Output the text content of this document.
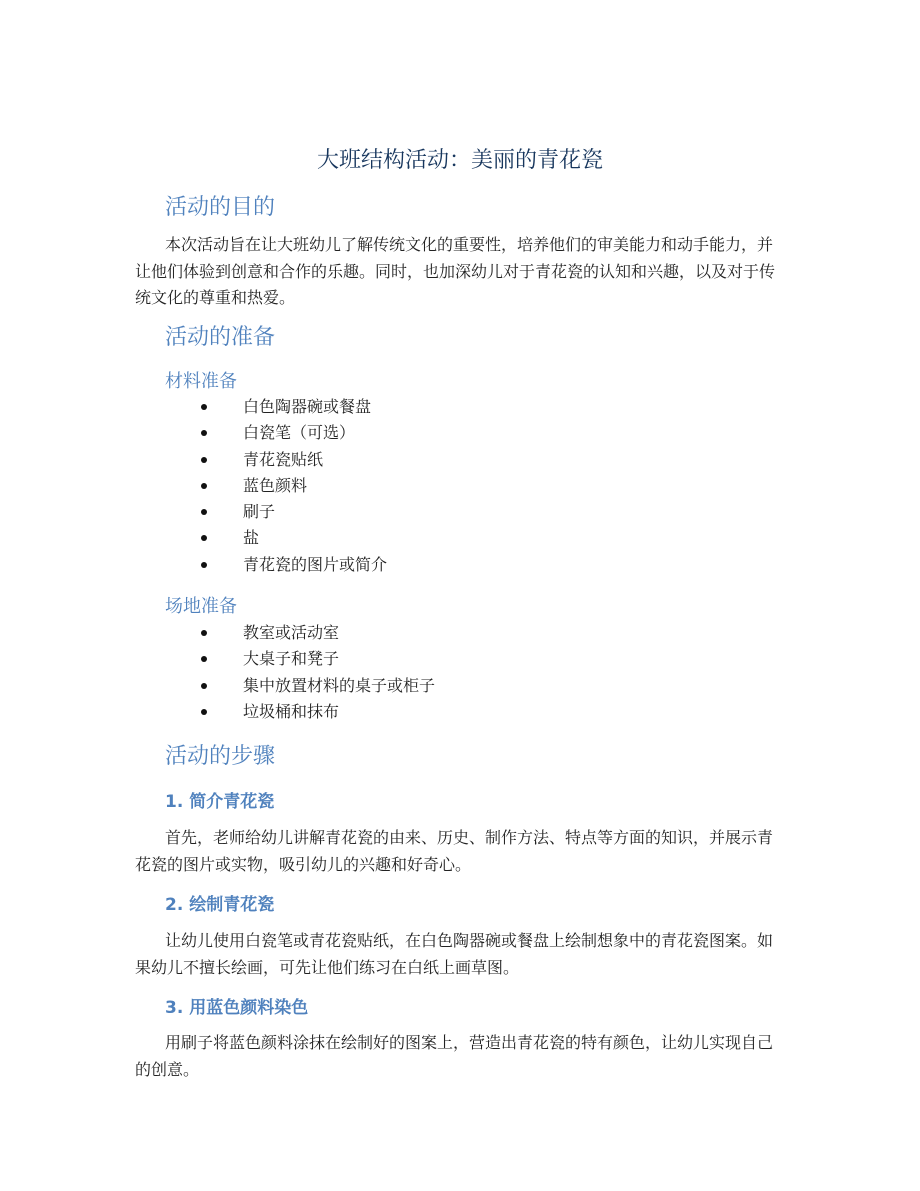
大班结构活动：美丽的青花瓷
活动的目的
本次活动旨在让大班幼儿了解传统文化的重要性，培养他们的审美能力和动手能力，并让他们体验到创意和合作的乐趣。同时，也加深幼儿对于青花瓷的认知和兴趣，以及对于传统文化的尊重和热爱。
活动的准备
材料准备
白色陶器碗或餐盘
白瓷笔（可选）
青花瓷贴纸
蓝色颜料
刷子
盐
青花瓷的图片或简介
场地准备
教室或活动室
大桌子和凳子
集中放置材料的桌子或柜子
垃圾桶和抹布
活动的步骤
1. 简介青花瓷
首先，老师给幼儿讲解青花瓷的由来、历史、制作方法、特点等方面的知识，并展示青花瓷的图片或实物，吸引幼儿的兴趣和好奇心。
2. 绘制青花瓷
让幼儿使用白瓷笔或青花瓷贴纸，在白色陶器碗或餐盘上绘制想象中的青花瓷图案。如果幼儿不擅长绘画，可先让他们练习在白纸上画草图。
3. 用蓝色颜料染色
用刷子将蓝色颜料涂抹在绘制好的图案上，营造出青花瓷的特有颜色，让幼儿实现自己的创意。
